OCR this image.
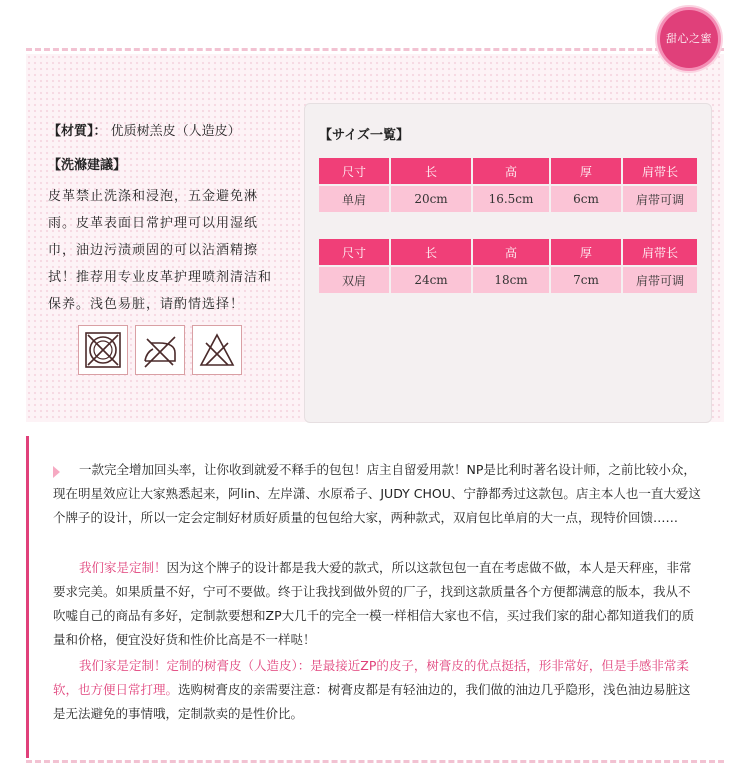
甜心之蜜
【材質】： 优质树羔皮（人造皮）
【洗滌建議】
皮革禁止洗涤和浸泡，五金避免淋雨。皮革表面日常护理可以用湿纸巾，油边污渍顽固的可以沾酒精擦拭！推荐用专业皮革护理喷剂清洁和保养。浅色易脏，请酌情选择！
【サイズ一覧】
尺寸	长	高	厚	肩带长
单肩	20cm	16.5cm	6cm	肩带可调
尺寸	长	高	厚	肩带长
双肩	24cm	18cm	7cm	肩带可调
一款完全增加回头率，让你收到就爱不释手的包包！店主自留爱用款！NP是比利时著名设计师，之前比较小众，现在明星效应让大家熟悉起来，阿lin、左岸潇、水原希子、JUDY CHOU、宁静都秀过这款包。店主本人也一直大爱这个牌子的设计，所以一定会定制好材质好质量的包包给大家，两种款式，双肩包比单肩的大一点，现特价回馈……
我们家是定制！因为这个牌子的设计都是我大爱的款式，所以这款包包一直在考虑做不做，本人是天秤座，非常要求完美。如果质量不好，宁可不要做。终于让我找到做外贸的厂子，找到这款质量各个方便都满意的版本，我从不吹嘘自己的商品有多好，定制款要想和ZP大几千的完全一模一样相信大家也不信，买过我们家的甜心都知道我们的质量和价格，便宜没好货和性价比高是不一样哒！
我们家是定制！定制的树膏皮（人造皮）：是最接近ZP的皮子，树膏皮的优点挺括，形非常好，但是手感非常柔软，也方便日常打理。选购树膏皮的亲需要注意：树膏皮都是有轻油边的，我们做的油边几乎隐形，浅色油边易脏这是无法避免的事情哦，定制款卖的是性价比。
